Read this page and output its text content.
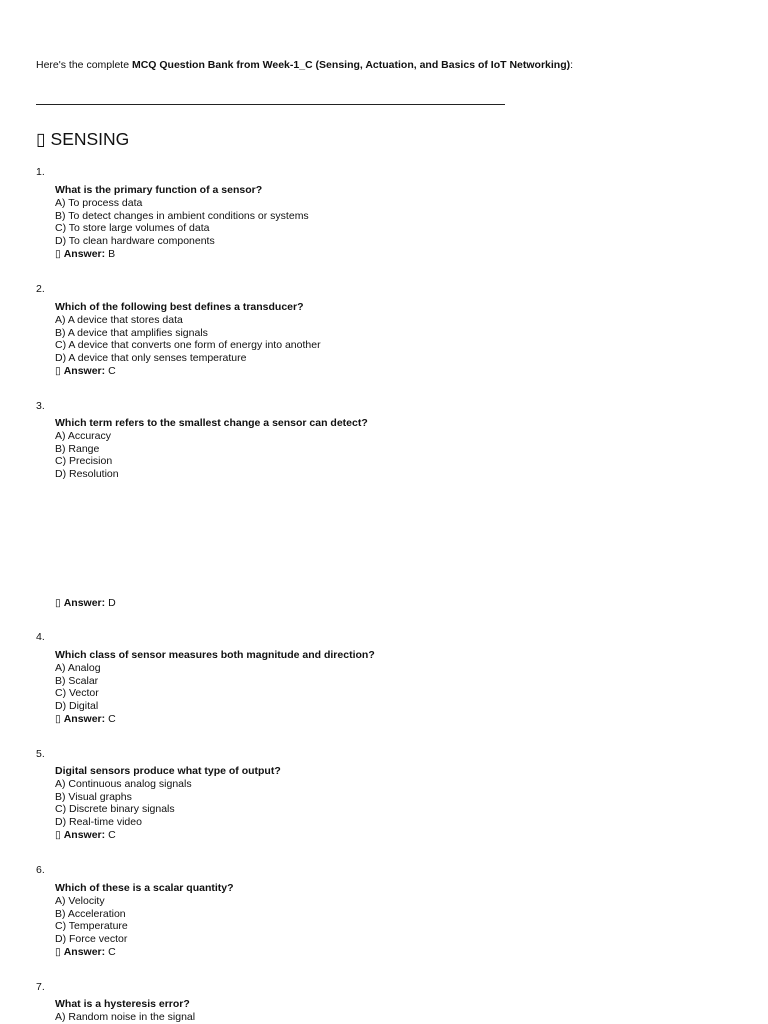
Here's the complete MCQ Question Bank from Week-1_C (Sensing, Actuation, and Basics of IoT Networking):
▯ SENSING
1.
What is the primary function of a sensor?
A) To process data
B) To detect changes in ambient conditions or systems
C) To store large volumes of data
D) To clean hardware components
▯ Answer: B
2.
Which of the following best defines a transducer?
A) A device that stores data
B) A device that amplifies signals
C) A device that converts one form of energy into another
D) A device that only senses temperature
▯ Answer: C
3.
Which term refers to the smallest change a sensor can detect?
A) Accuracy
B) Range
C) Precision
D) Resolution
▯ Answer: D
4.
Which class of sensor measures both magnitude and direction?
A) Analog
B) Scalar
C) Vector
D) Digital
▯ Answer: C
5.
Digital sensors produce what type of output?
A) Continuous analog signals
B) Visual graphs
C) Discrete binary signals
D) Real-time video
▯ Answer: C
6.
Which of these is a scalar quantity?
A) Velocity
B) Acceleration
C) Temperature
D) Force vector
▯ Answer: C
7.
What is a hysteresis error?
A) Random noise in the signal
